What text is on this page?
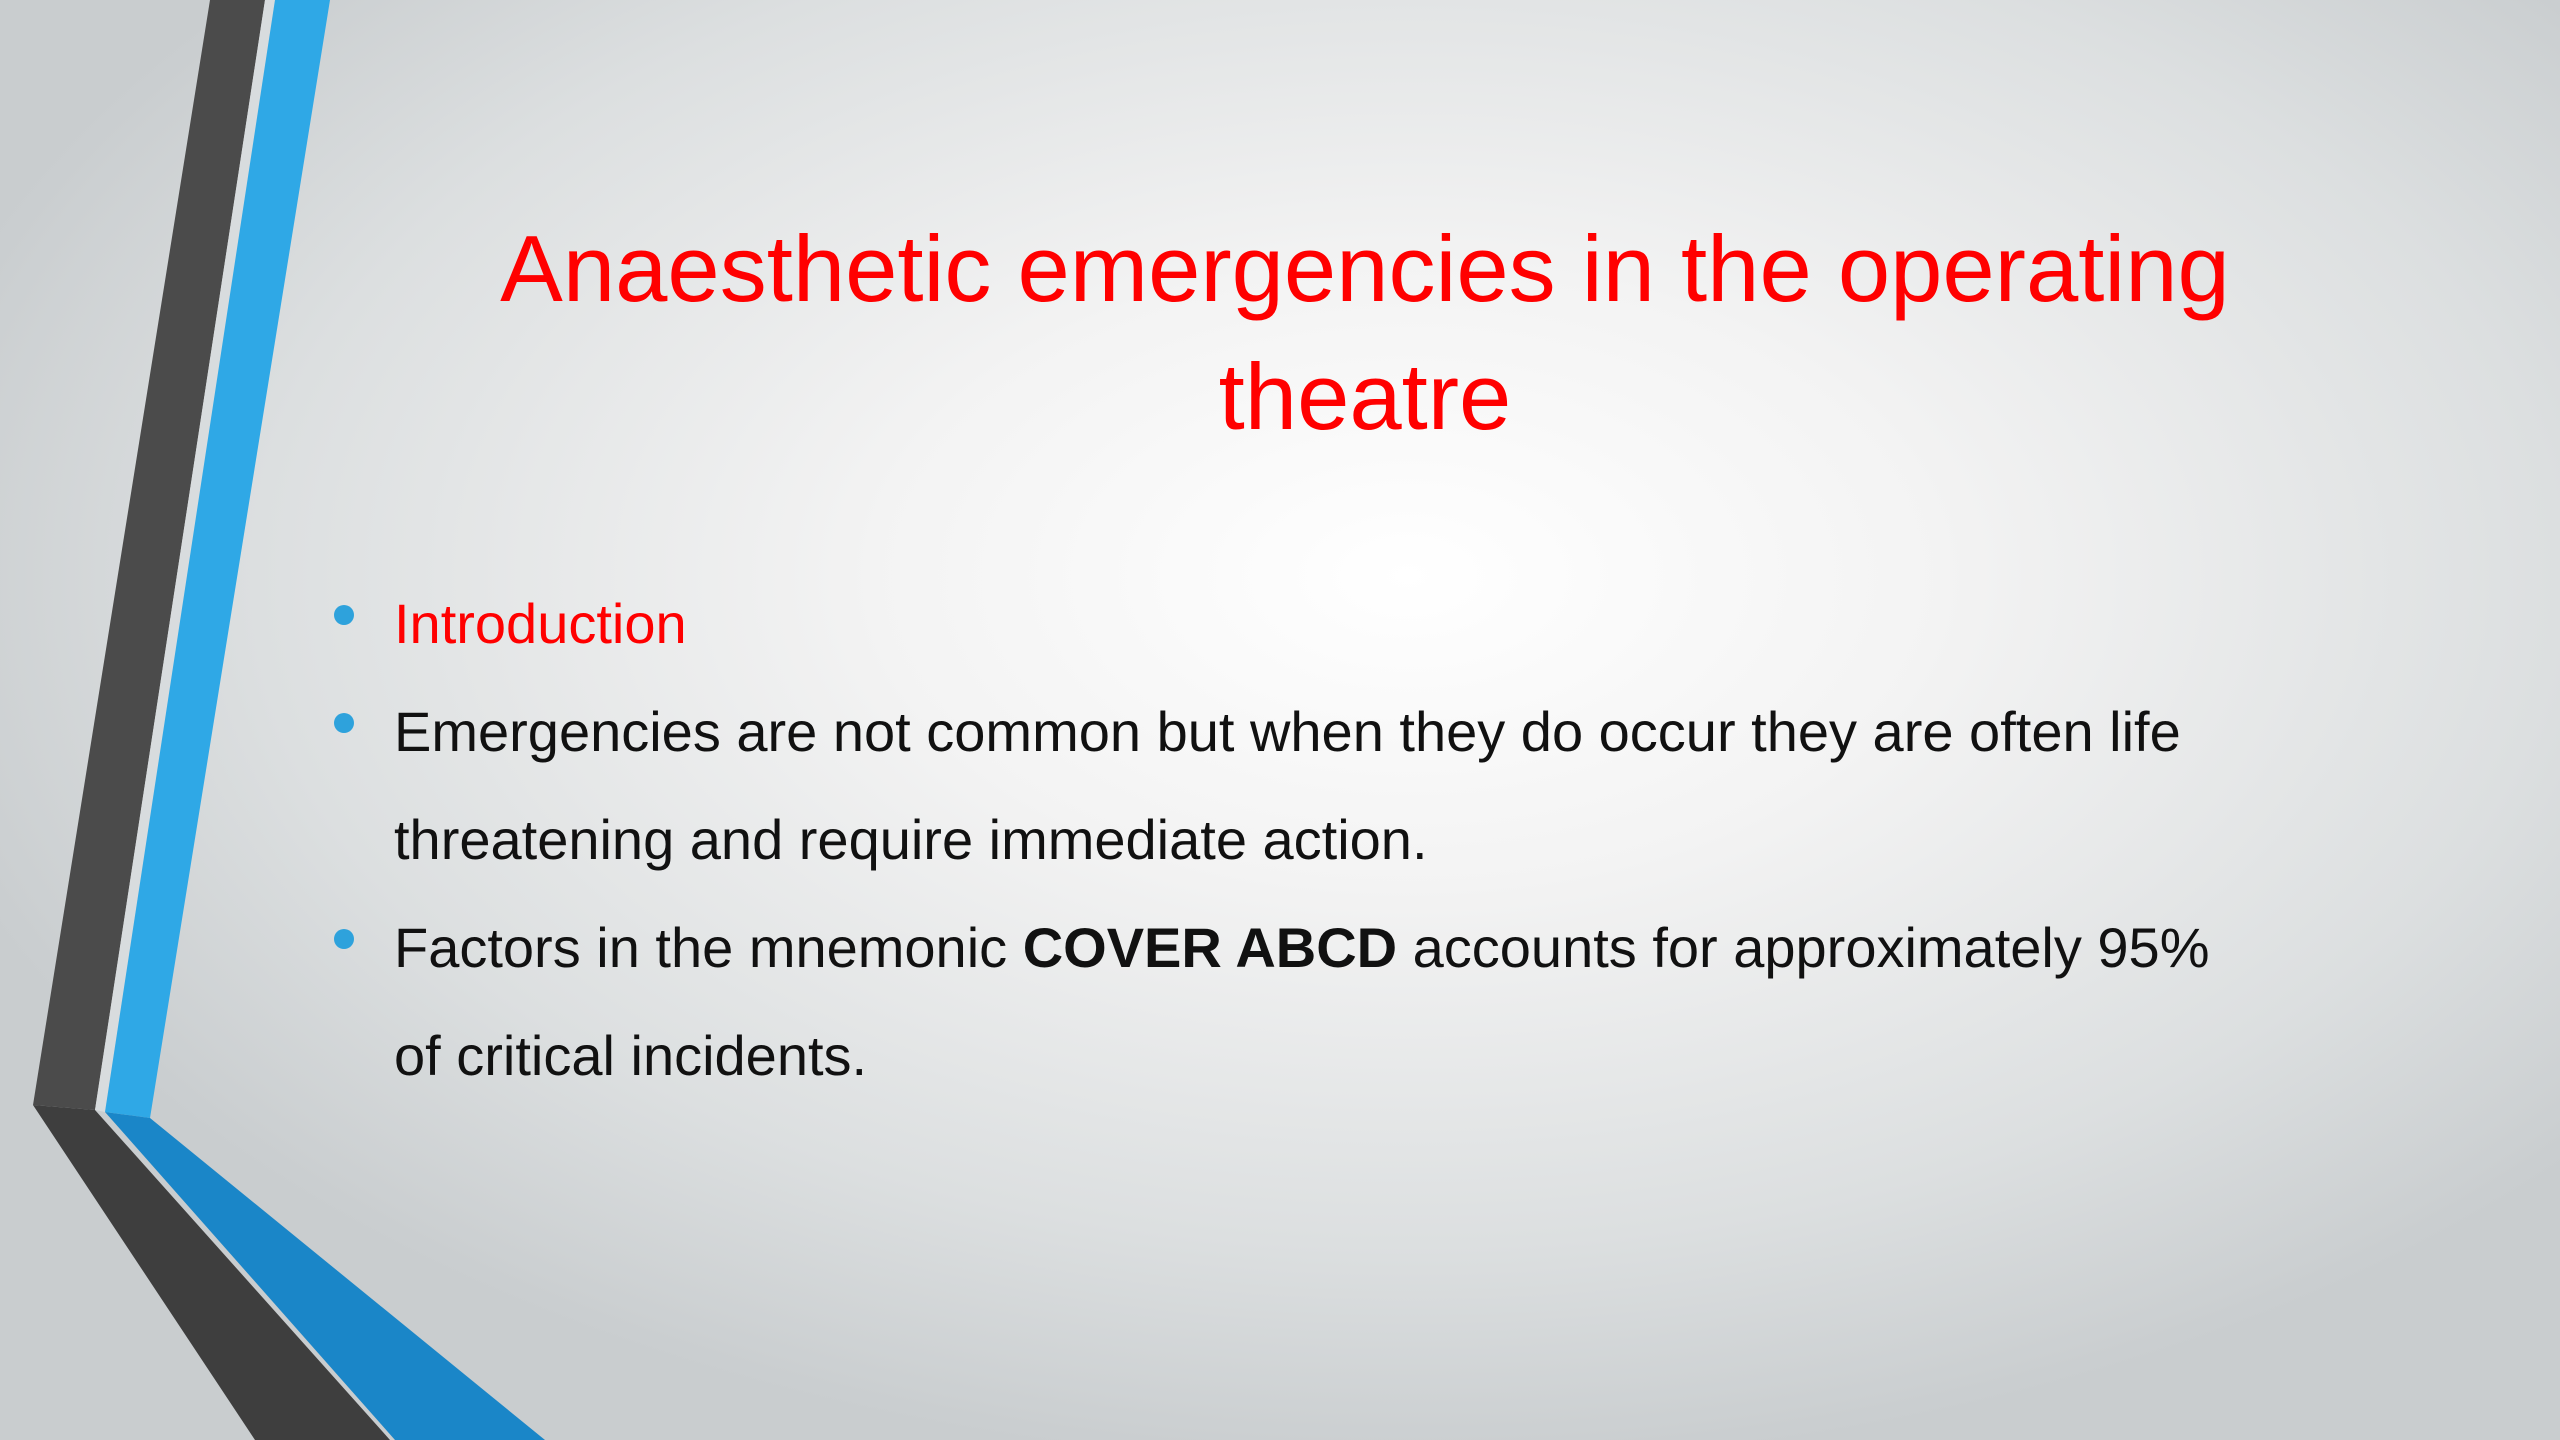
Anaesthetic emergencies in the operating theatre
Introduction
Emergencies are not common but when they do occur they are often life threatening and require immediate action.
Factors in the mnemonic COVER ABCD accounts for approximately 95% of critical incidents.
